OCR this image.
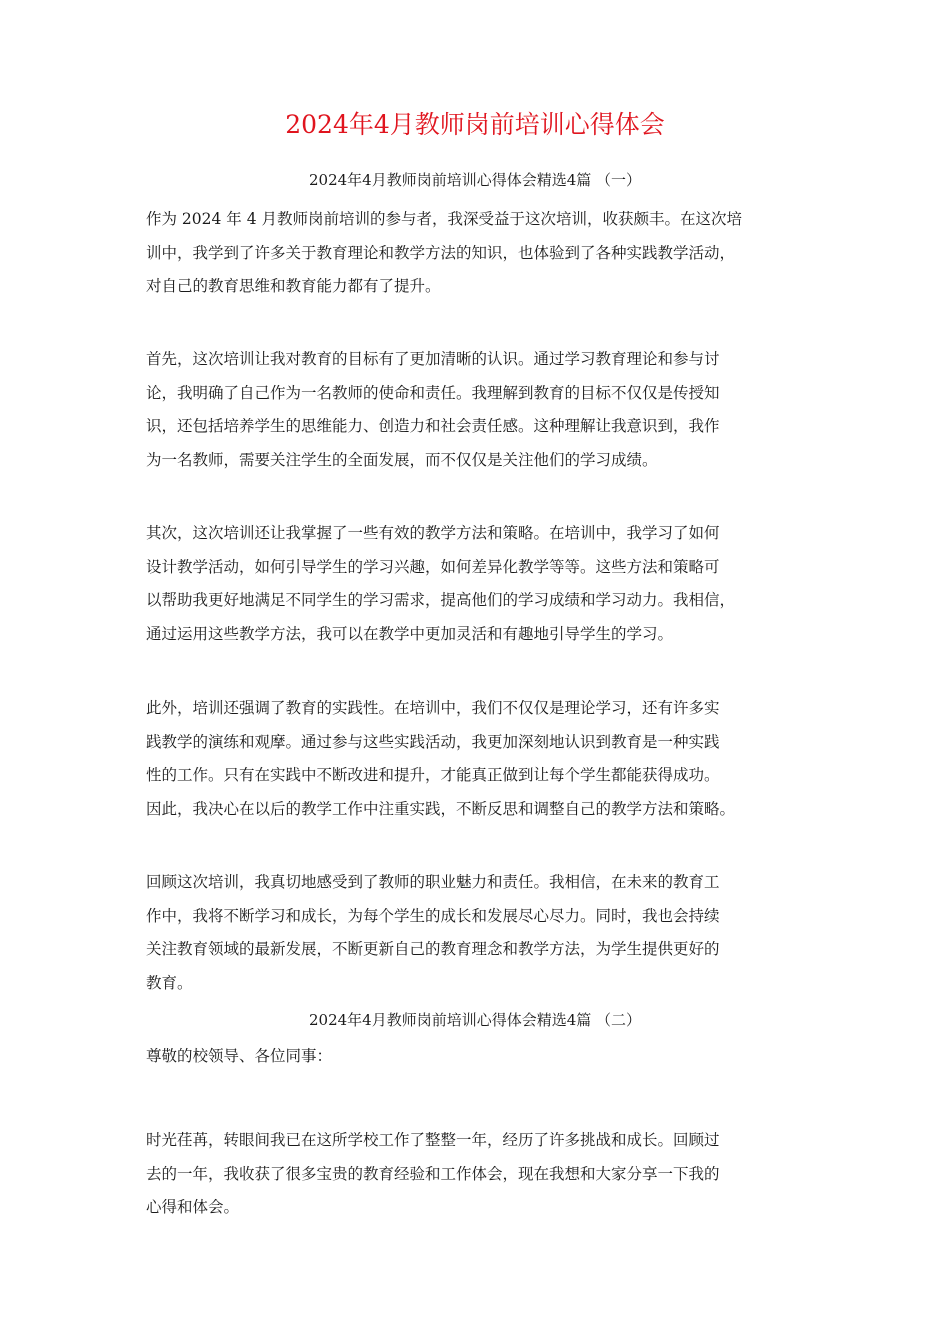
2024年4月教师岗前培训心得体会
2024年4月教师岗前培训心得体会精选4篇 （一）
作为 2024 年 4 月教师岗前培训的参与者，我深受益于这次培训，收获颇丰。在这次培
训中，我学到了许多关于教育理论和教学方法的知识，也体验到了各种实践教学活动，
对自己的教育思维和教育能力都有了提升。
首先，这次培训让我对教育的目标有了更加清晰的认识。通过学习教育理论和参与讨
论，我明确了自己作为一名教师的使命和责任。我理解到教育的目标不仅仅是传授知
识，还包括培养学生的思维能力、创造力和社会责任感。这种理解让我意识到，我作
为一名教师，需要关注学生的全面发展，而不仅仅是关注他们的学习成绩。
其次，这次培训还让我掌握了一些有效的教学方法和策略。在培训中，我学习了如何
设计教学活动，如何引导学生的学习兴趣，如何差异化教学等等。这些方法和策略可
以帮助我更好地满足不同学生的学习需求，提高他们的学习成绩和学习动力。我相信，
通过运用这些教学方法，我可以在教学中更加灵活和有趣地引导学生的学习。
此外，培训还强调了教育的实践性。在培训中，我们不仅仅是理论学习，还有许多实
践教学的演练和观摩。通过参与这些实践活动，我更加深刻地认识到教育是一种实践
性的工作。只有在实践中不断改进和提升，才能真正做到让每个学生都能获得成功。
因此，我决心在以后的教学工作中注重实践，不断反思和调整自己的教学方法和策略。
回顾这次培训，我真切地感受到了教师的职业魅力和责任。我相信，在未来的教育工
作中，我将不断学习和成长，为每个学生的成长和发展尽心尽力。同时，我也会持续
关注教育领域的最新发展，不断更新自己的教育理念和教学方法，为学生提供更好的
教育。
2024年4月教师岗前培训心得体会精选4篇 （二）
尊敬的校领导、各位同事：
时光荏苒，转眼间我已在这所学校工作了整整一年，经历了许多挑战和成长。回顾过
去的一年，我收获了很多宝贵的教育经验和工作体会，现在我想和大家分享一下我的
心得和体会。
